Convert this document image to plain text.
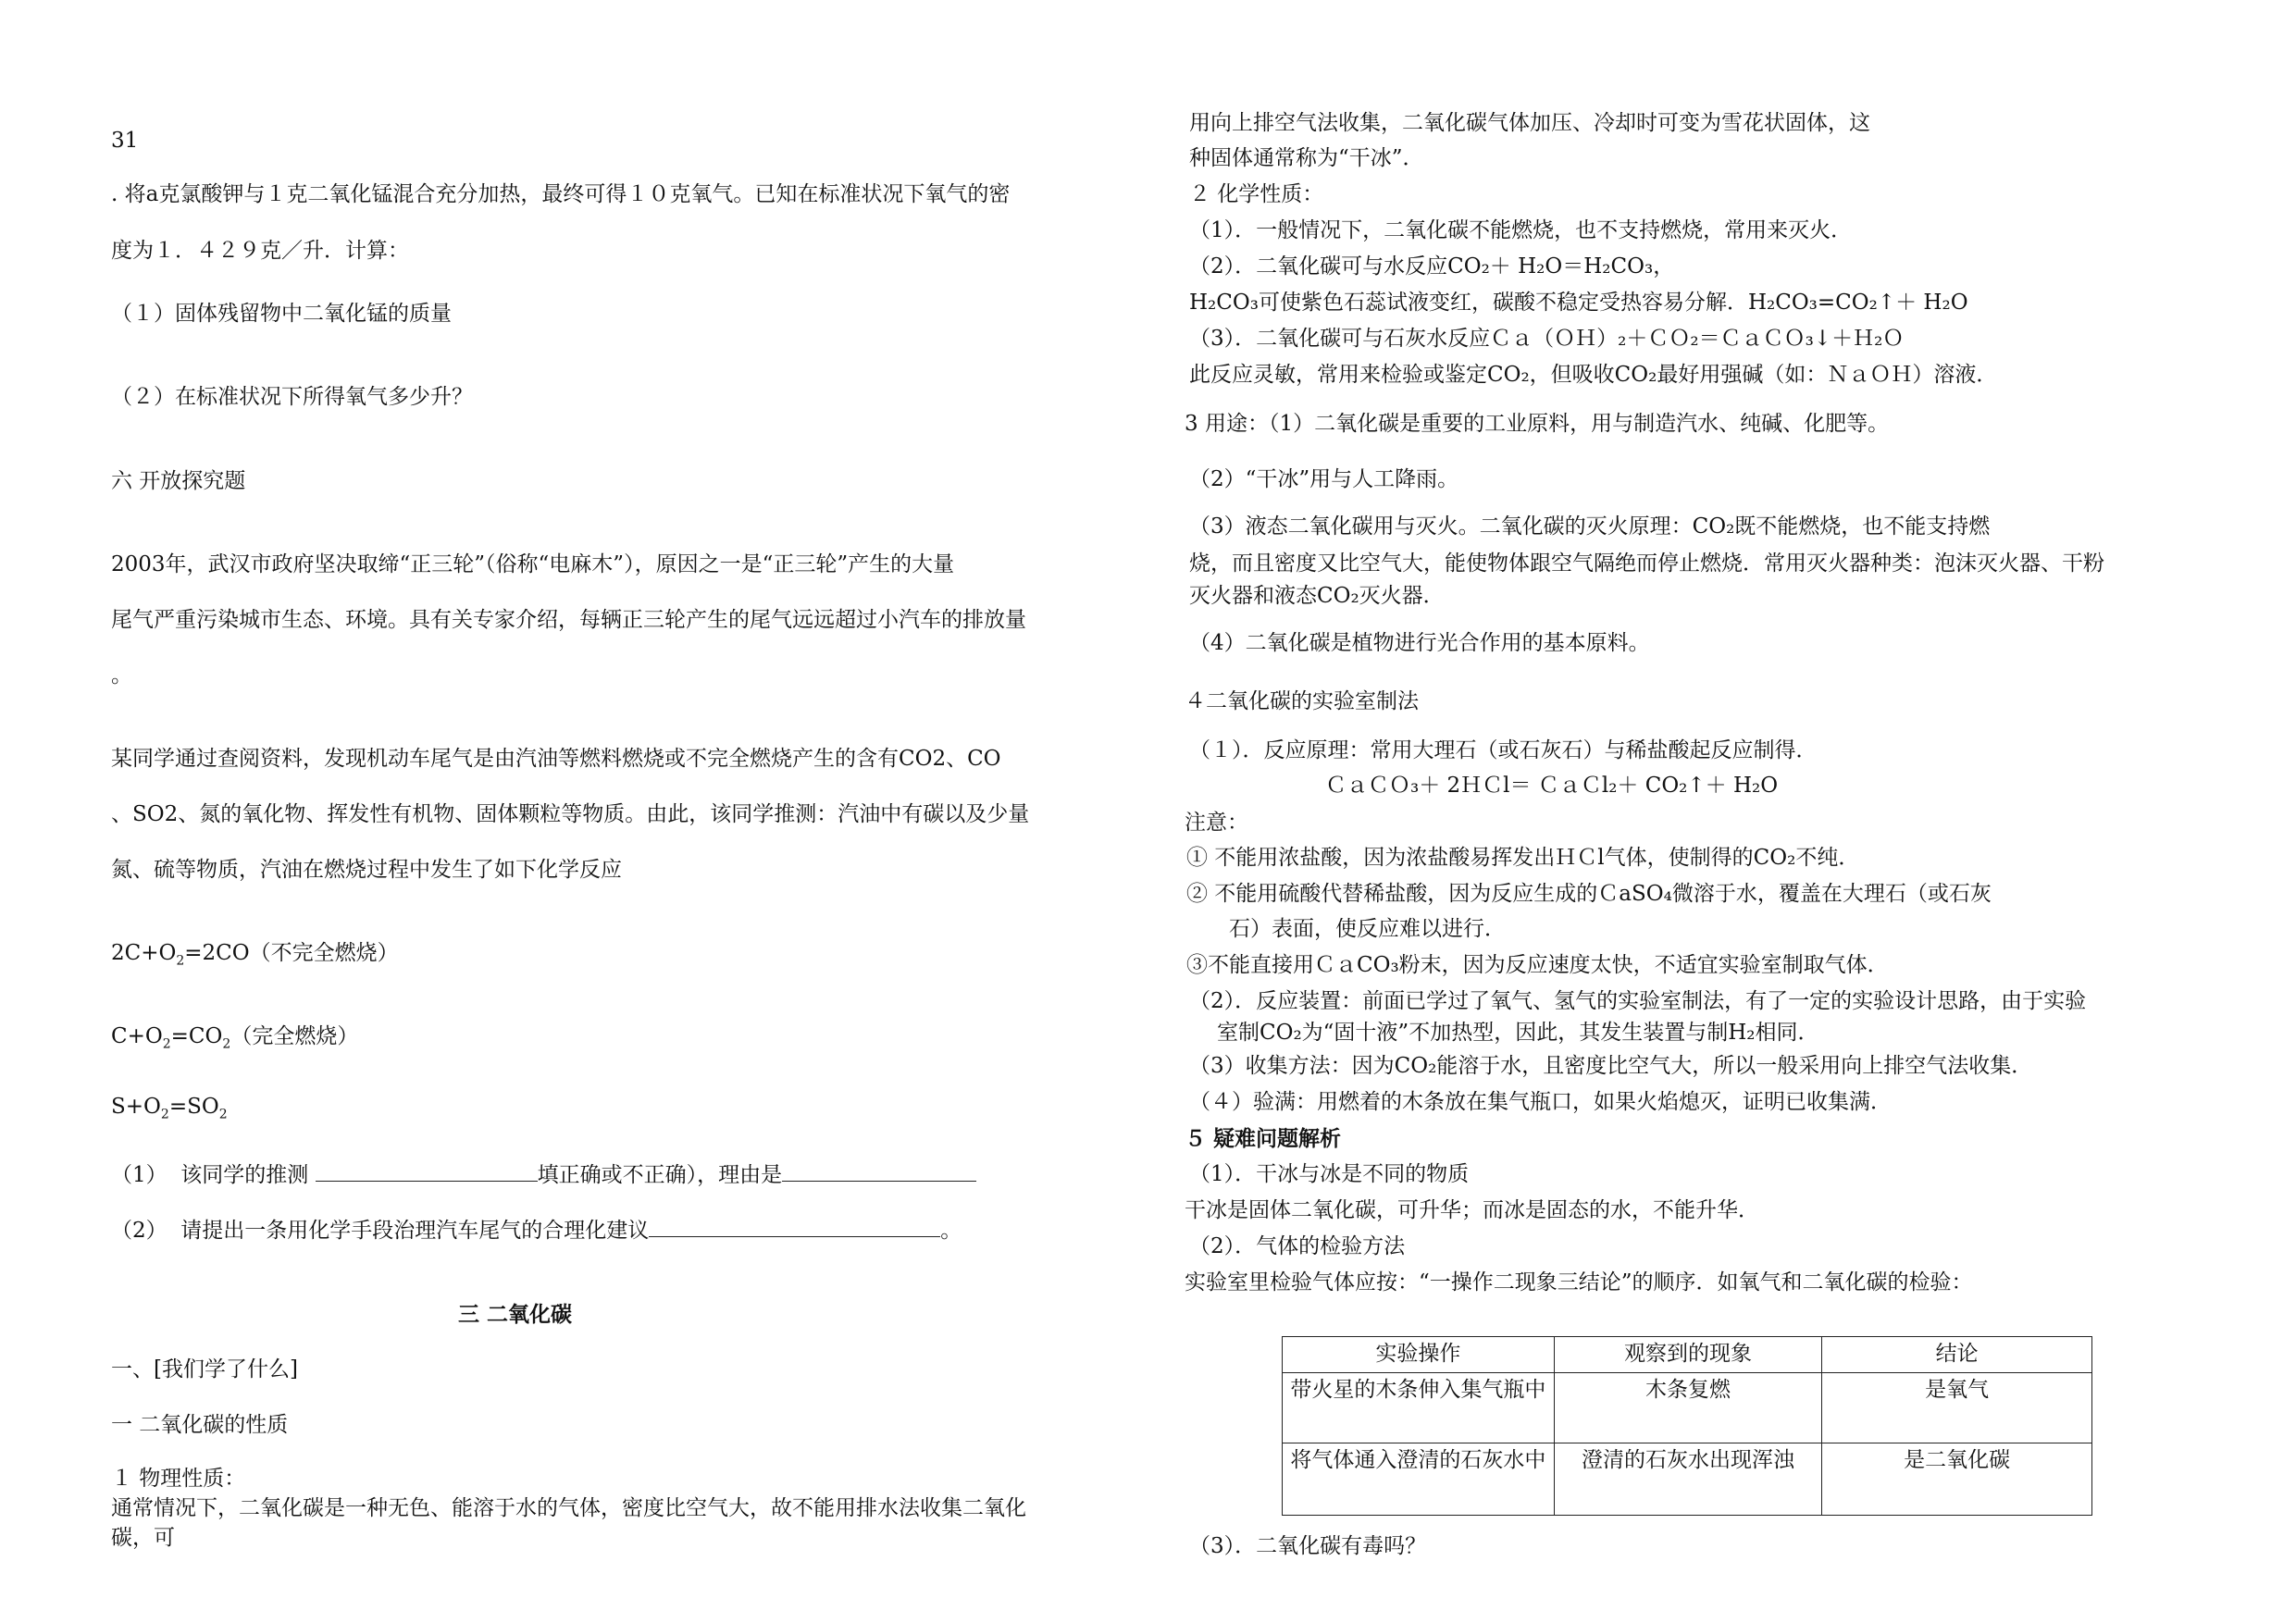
31
. 将a克氯酸钾与１克二氧化锰混合充分加热，最终可得１０克氧气。已知在标准状况下氧气的密
度为１．４２９克／升．计算：
（１）固体残留物中二氧化锰的质量
（２）在标准状况下所得氧气多少升？
六 开放探究题
2003年，武汉市政府坚决取缔“正三轮”（俗称“电麻木”），原因之一是“正三轮”产生的大量
尾气严重污染城市生态、环境。具有关专家介绍，每辆正三轮产生的尾气远远超过小汽车的排放量
。
某同学通过查阅资料，发现机动车尾气是由汽油等燃料燃烧或不完全燃烧产生的含有CO2、CO
、SO2、氮的氧化物、挥发性有机物、固体颗粒等物质。由此，该同学推测：汽油中有碳以及少量
氮、硫等物质，汽油在燃烧过程中发生了如下化学反应
$2C+O_2=2CO$（不完全燃烧）
$C+O_2=CO_2$（完全燃烧）
$S+O_2=SO_2$
（1）  该同学的推测	填正确或不正确），理由是
（2）  请提出一条用化学手段治理汽车尾气的合理化建议	。
三 二氧化碳
一、[我们学了什么]
一 二氧化碳的性质
１ 物理性质：
通常情况下，二氧化碳是一种无色、能溶于水的气体，密度比空气大，故不能用排水法收集二氧化
碳，可
用向上排空气法收集，二氧化碳气体加压、冷却时可变为雪花状固体，这
种固体通常称为“干冰”．
２ 化学性质：
（1）．一般情况下，二氧化碳不能燃烧，也不支持燃烧，常用来灭火．
（2）．二氧化碳可与水反应CO₂＋ H₂O＝H₂CO₃，
H₂CO₃可使紫色石蕊试液变红，碳酸不稳定受热容易分解．H₂CO₃=CO₂↑＋ H₂O
（3）．二氧化碳可与石灰水反应Ｃａ（ＯＨ）₂＋ＣＯ₂＝ＣａＣＯ₃↓＋Ｈ₂Ｏ
此反应灵敏，常用来检验或鉴定CO₂，但吸收CO₂最好用强碱（如：ＮａＯＨ）溶液．
3 用途：（1）二氧化碳是重要的工业原料，用与制造汽水、纯碱、化肥等。
（2）“干冰”用与人工降雨。
（3）液态二氧化碳用与灭火。二氧化碳的灭火原理：CO₂既不能燃烧，也不能支持燃
烧，而且密度又比空气大，能使物体跟空气隔绝而停止燃烧．常用灭火器种类：泡沫灭火器、干粉
灭火器和液态CO₂灭火器．
（4）二氧化碳是植物进行光合作用的基本原料。
４二氧化碳的实验室制法
（１）．反应原理：常用大理石（或石灰石）与稀盐酸起反应制得．
ＣａＣＯ₃＋ 2ＨＣl＝ ＣａＣl₂＋ CO₂↑＋ H₂O
注意：
① 不能用浓盐酸，因为浓盐酸易挥发出ＨＣl气体，使制得的CO₂不纯．
② 不能用硫酸代替稀盐酸，因为反应生成的ＣaSO₄微溶于水，覆盖在大理石（或石灰
石）表面，使反应难以进行．
③不能直接用ＣａCO₃粉末，因为反应速度太快，不适宜实验室制取气体．
（2）．反应装置：前面已学过了氧气、氢气的实验室制法，有了一定的实验设计思路，由于实验
室制CO₂为“固十液”不加热型，因此，其发生装置与制H₂相同．
（3）收集方法：因为CO₂能溶于水，且密度比空气大，所以一般采用向上排空气法收集．
（４）验满：用燃着的木条放在集气瓶口，如果火焰熄灭，证明已收集满．
５ 疑难问题解析
（1）．干冰与冰是不同的物质
干冰是固体二氧化碳，可升华；而冰是固态的水，不能升华．
（2）．气体的检验方法
实验室里检验气体应按：“一操作二现象三结论”的顺序．如氧气和二氧化碳的检验：
实验操作	观察到的现象	结论
带火星的木条伸入集气瓶中	木条复燃	是氧气
将气体通入澄清的石灰水中	澄清的石灰水出现浑浊	是二氧化碳
（3）．二氧化碳有毒吗？
